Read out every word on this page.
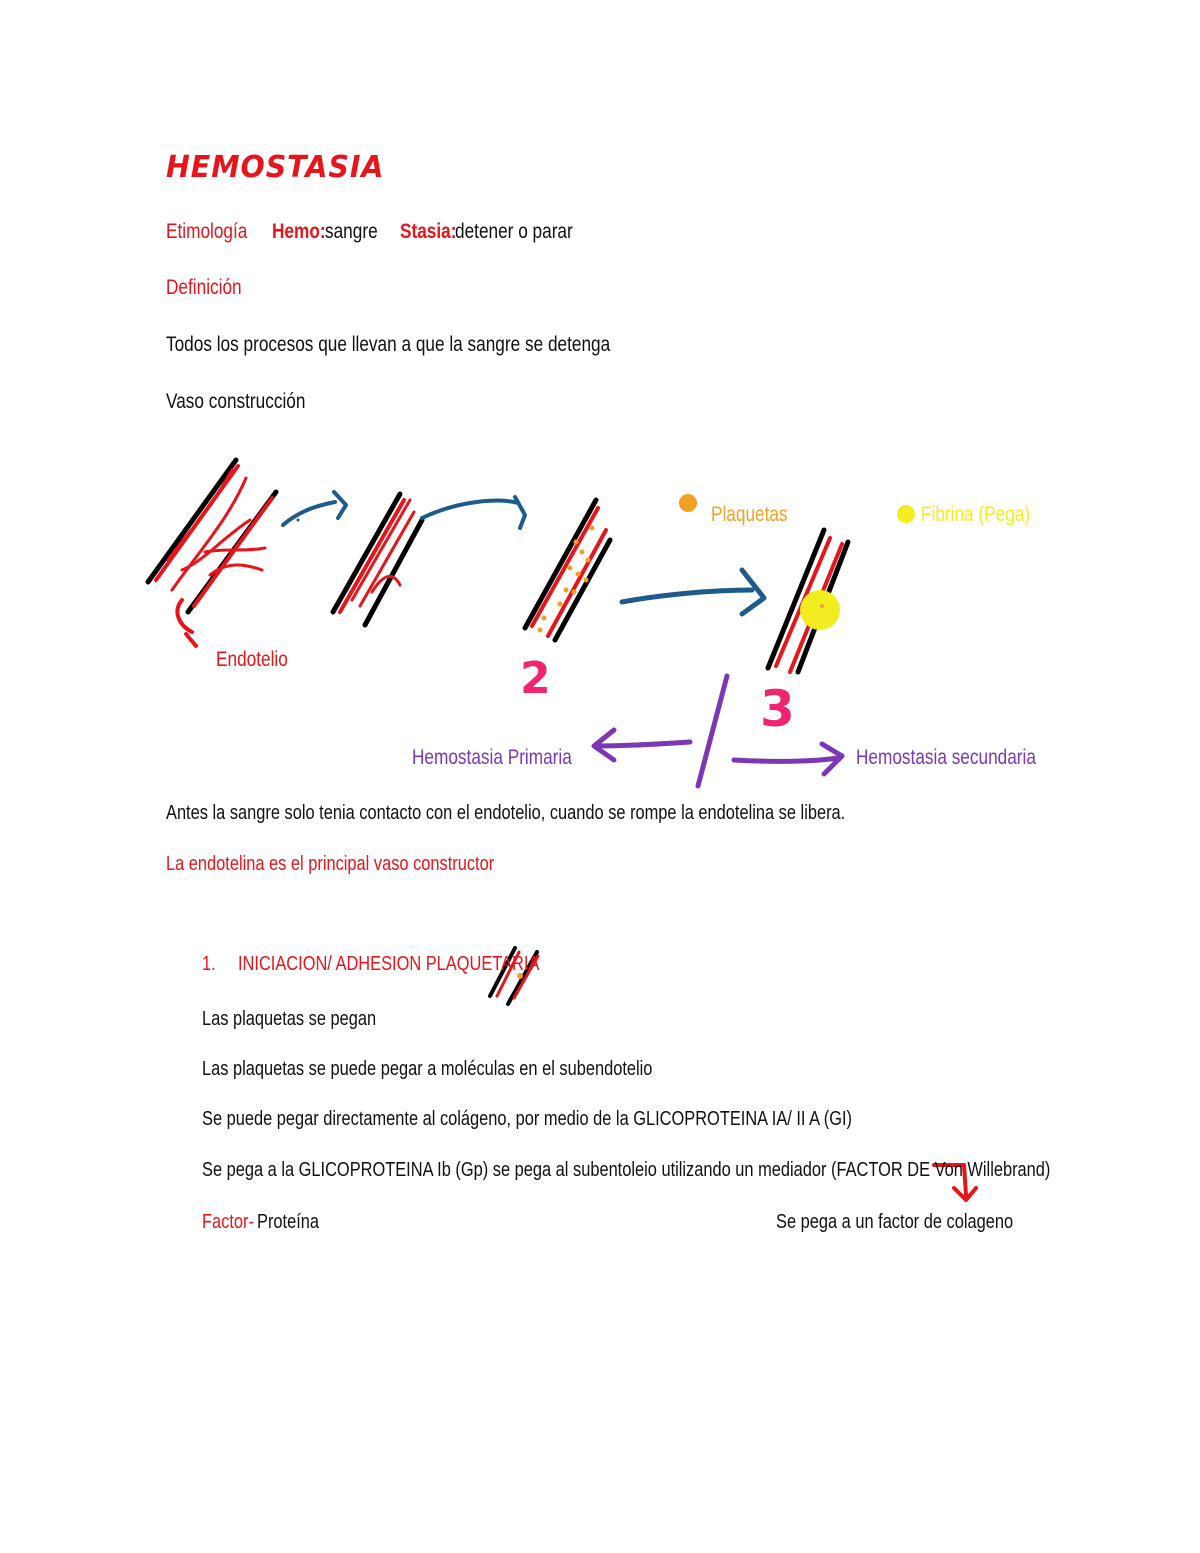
HEMOSTASIA
Etimología Hemo: sangre Stasia:
detener o parar
Definición
Todos los procesos que llevan a que la sangre se detenga
Vaso construcción
Endotelio
Plaquetas	Fibrina (Pega)
2
3
Hemostasia Primaria	Hemostasia secundaria
Antes la sangre solo tenia contacto con el endotelio, cuando se rompe la endotelina se libera.
La endotelina es el principal vaso constructor
1. INICIACION/ ADHESION PLAQUETARIA
Las plaquetas se pegan
Las plaquetas se puede pegar a moléculas en el subendotelio
Se puede pegar directamente al colágeno, por medio de la GLICOPROTEINA IA/ II A (GI)
Se pega a la GLICOPROTEINA Ib (Gp) se pega al subentoleio utilizando un mediador (FACTOR DE Von Willebrand)
Factor- Proteína	Se pega a un factor de colageno
